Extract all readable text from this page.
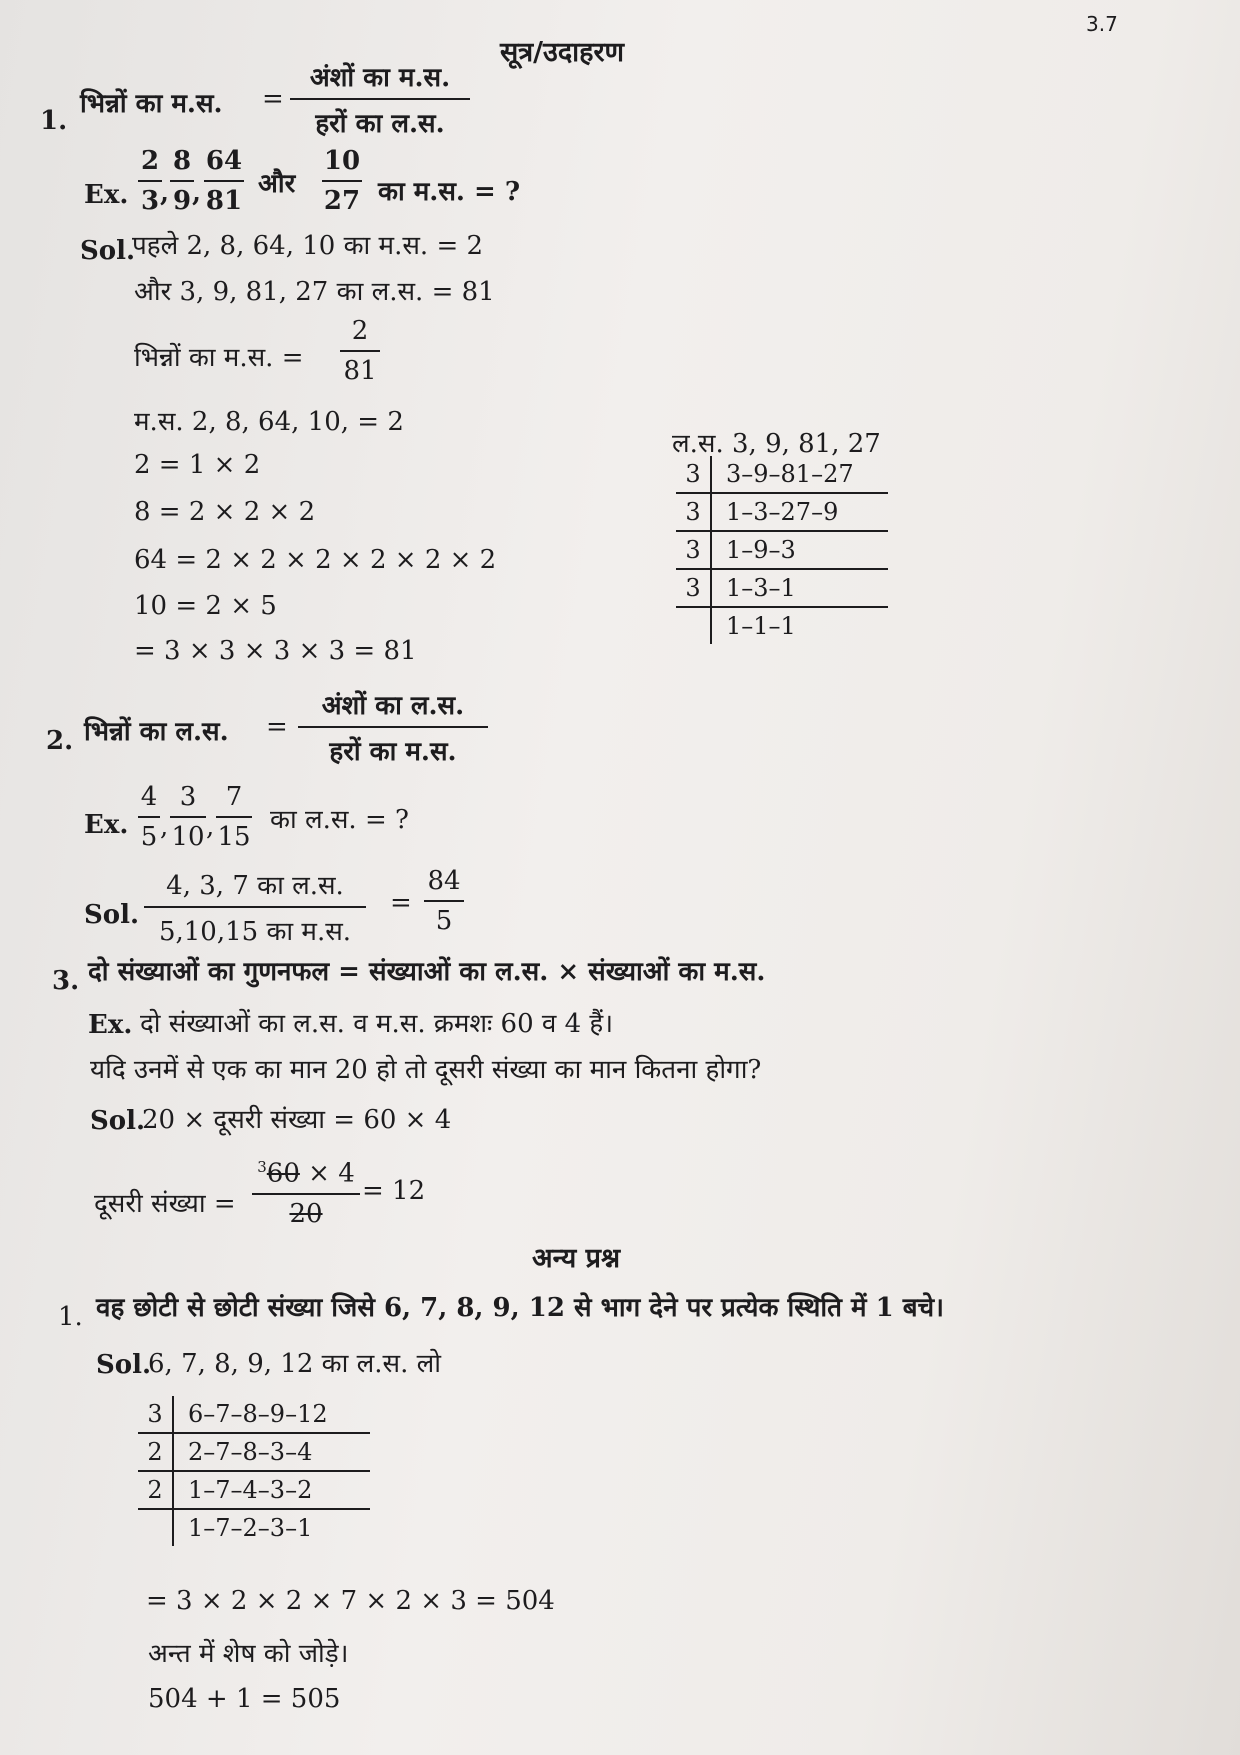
3.7
सूत्र/उदाहरण
1.
भिन्नों का म.स. =
अंशों का म.स.
हरों का ल.स.
Ex.
2
3 ,
8
9 ,
64
81
और
10
27 का म.स. = ?
Sol.
पहले 2, 8, 64, 10 का म.स. = 2
और 3, 9, 81, 27 का ल.स. = 81
भिन्नों का म.स. =
2
81
म.स. 2, 8, 64, 10, = 2
2 = 1 × 2
8 = 2 × 2 × 2
64 = 2 × 2 × 2 × 2 × 2 × 2
10 = 2 × 5
= 3 × 3 × 3 × 3 = 81
ल.स. 3, 9, 81, 27
3	3–9–81–27
3	1–3–27–9
3	1–9–3
3	1–3–1
	1–1–1
2. भिन्नों का ल.स. =
अंशों का ल.स.
हरों का म.स.
Ex.
4
5 ,
3
10 ,
7
15
का ल.स. = ?
Sol.
4, 3, 7 का ल.स.
5,10,15 का म.स.
=
84
5
3. दो संख्याओं का गुणनफल = संख्याओं का ल.स. × संख्याओं का म.स.
Ex. दो संख्याओं का ल.स. व म.स. क्रमशः 60 व 4 हैं।
यदि उनमें से एक का मान 20 हो तो दूसरी संख्या का मान कितना होगा?
Sol.
20 × दूसरी संख्या = 60 × 4
दूसरी संख्या =
$^3$60 × 4
20
= 12
अन्य प्रश्न
1. वह छोटी से छोटी संख्या जिसे 6, 7, 8, 9, 12 से भाग देने पर प्रत्येक स्थिति में 1 बचे।
Sol.
6, 7, 8, 9, 12 का ल.स. लो
3	6–7–8–9–12
2	2–7–8–3–4
2	1–7–4–3–2
	1–7–2–3–1
= 3 × 2 × 2 × 7 × 2 × 3 = 504
अन्त में शेष को जोड़े।
504 + 1 = 505
